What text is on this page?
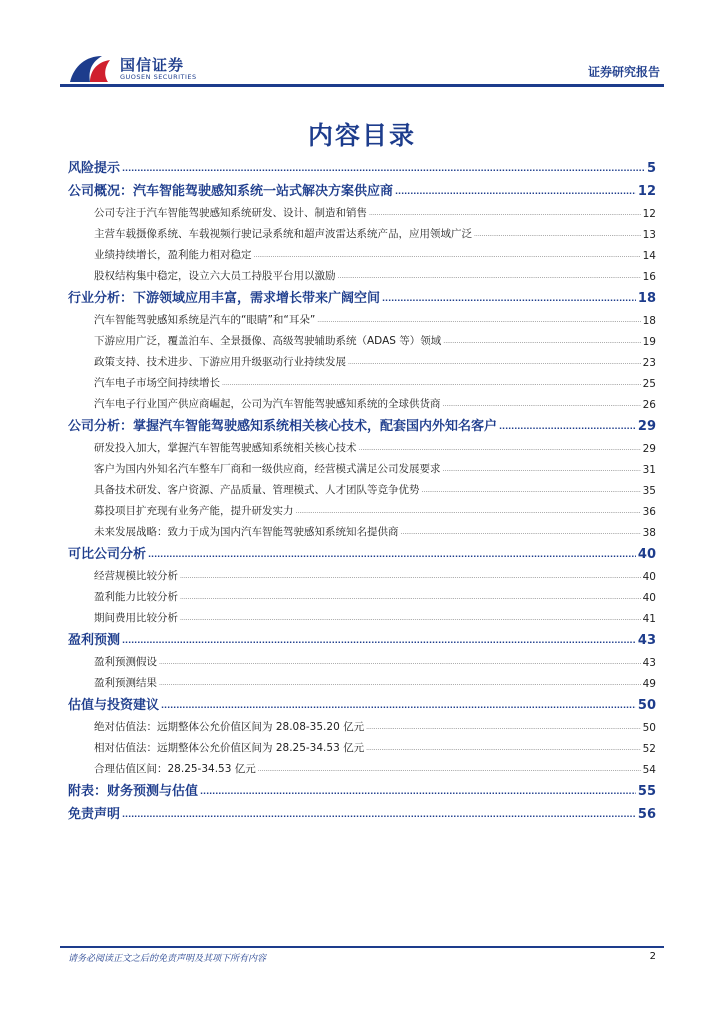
国信证券
GUOSEN SECURITIES	证券研究报告
内容目录
风险提示 .....	5
公司概况：汽车智能驾驶感知系统一站式解决方案供应商 .....	12
公司专注于汽车智能驾驶感知系统研发、设计、制造和销售 .....	12
主营车载摄像系统、车载视频行驶记录系统和超声波雷达系统产品，应用领域广泛 .....	13
业绩持续增长，盈利能力相对稳定 .....	14
股权结构集中稳定，设立六大员工持股平台用以激励 .....	16
行业分析：下游领域应用丰富，需求增长带来广阔空间 .....	18
汽车智能驾驶感知系统是汽车的“眼睛”和“耳朵” .....	18
下游应用广泛，覆盖泊车、全景摄像、高级驾驶辅助系统（ADAS 等）领域 .....	19
政策支持、技术进步、下游应用升级驱动行业持续发展 .....	23
汽车电子市场空间持续增长 .....	25
汽车电子行业国产供应商崛起，公司为汽车智能驾驶感知系统的全球供货商 .....	26
公司分析：掌握汽车智能驾驶感知系统相关核心技术，配套国内外知名客户 .....	29
研发投入加大，掌握汽车智能驾驶感知系统相关核心技术 .....	29
客户为国内外知名汽车整车厂商和一级供应商，经营模式满足公司发展要求 .....	31
具备技术研发、客户资源、产品质量、管理模式、人才团队等竞争优势 .....	35
募投项目扩充现有业务产能，提升研发实力 .....	36
未来发展战略：致力于成为国内汽车智能驾驶感知系统知名提供商 .....	38
可比公司分析 .....	40
经营规模比较分析 .....	40
盈利能力比较分析 .....	40
期间费用比较分析 .....	41
盈利预测 .....	43
盈利预测假设 .....	43
盈利预测结果 .....	49
估值与投资建议 .....	50
绝对估值法：远期整体公允价值区间为 28.08-35.20 亿元 .....	50
相对估值法：远期整体公允价值区间为 28.25-34.53 亿元 .....	52
合理估值区间：28.25-34.53 亿元 .....	54
附表：财务预测与估值 .....	55
免责声明 .....	56
请务必阅读正文之后的免责声明及其项下所有内容	2
